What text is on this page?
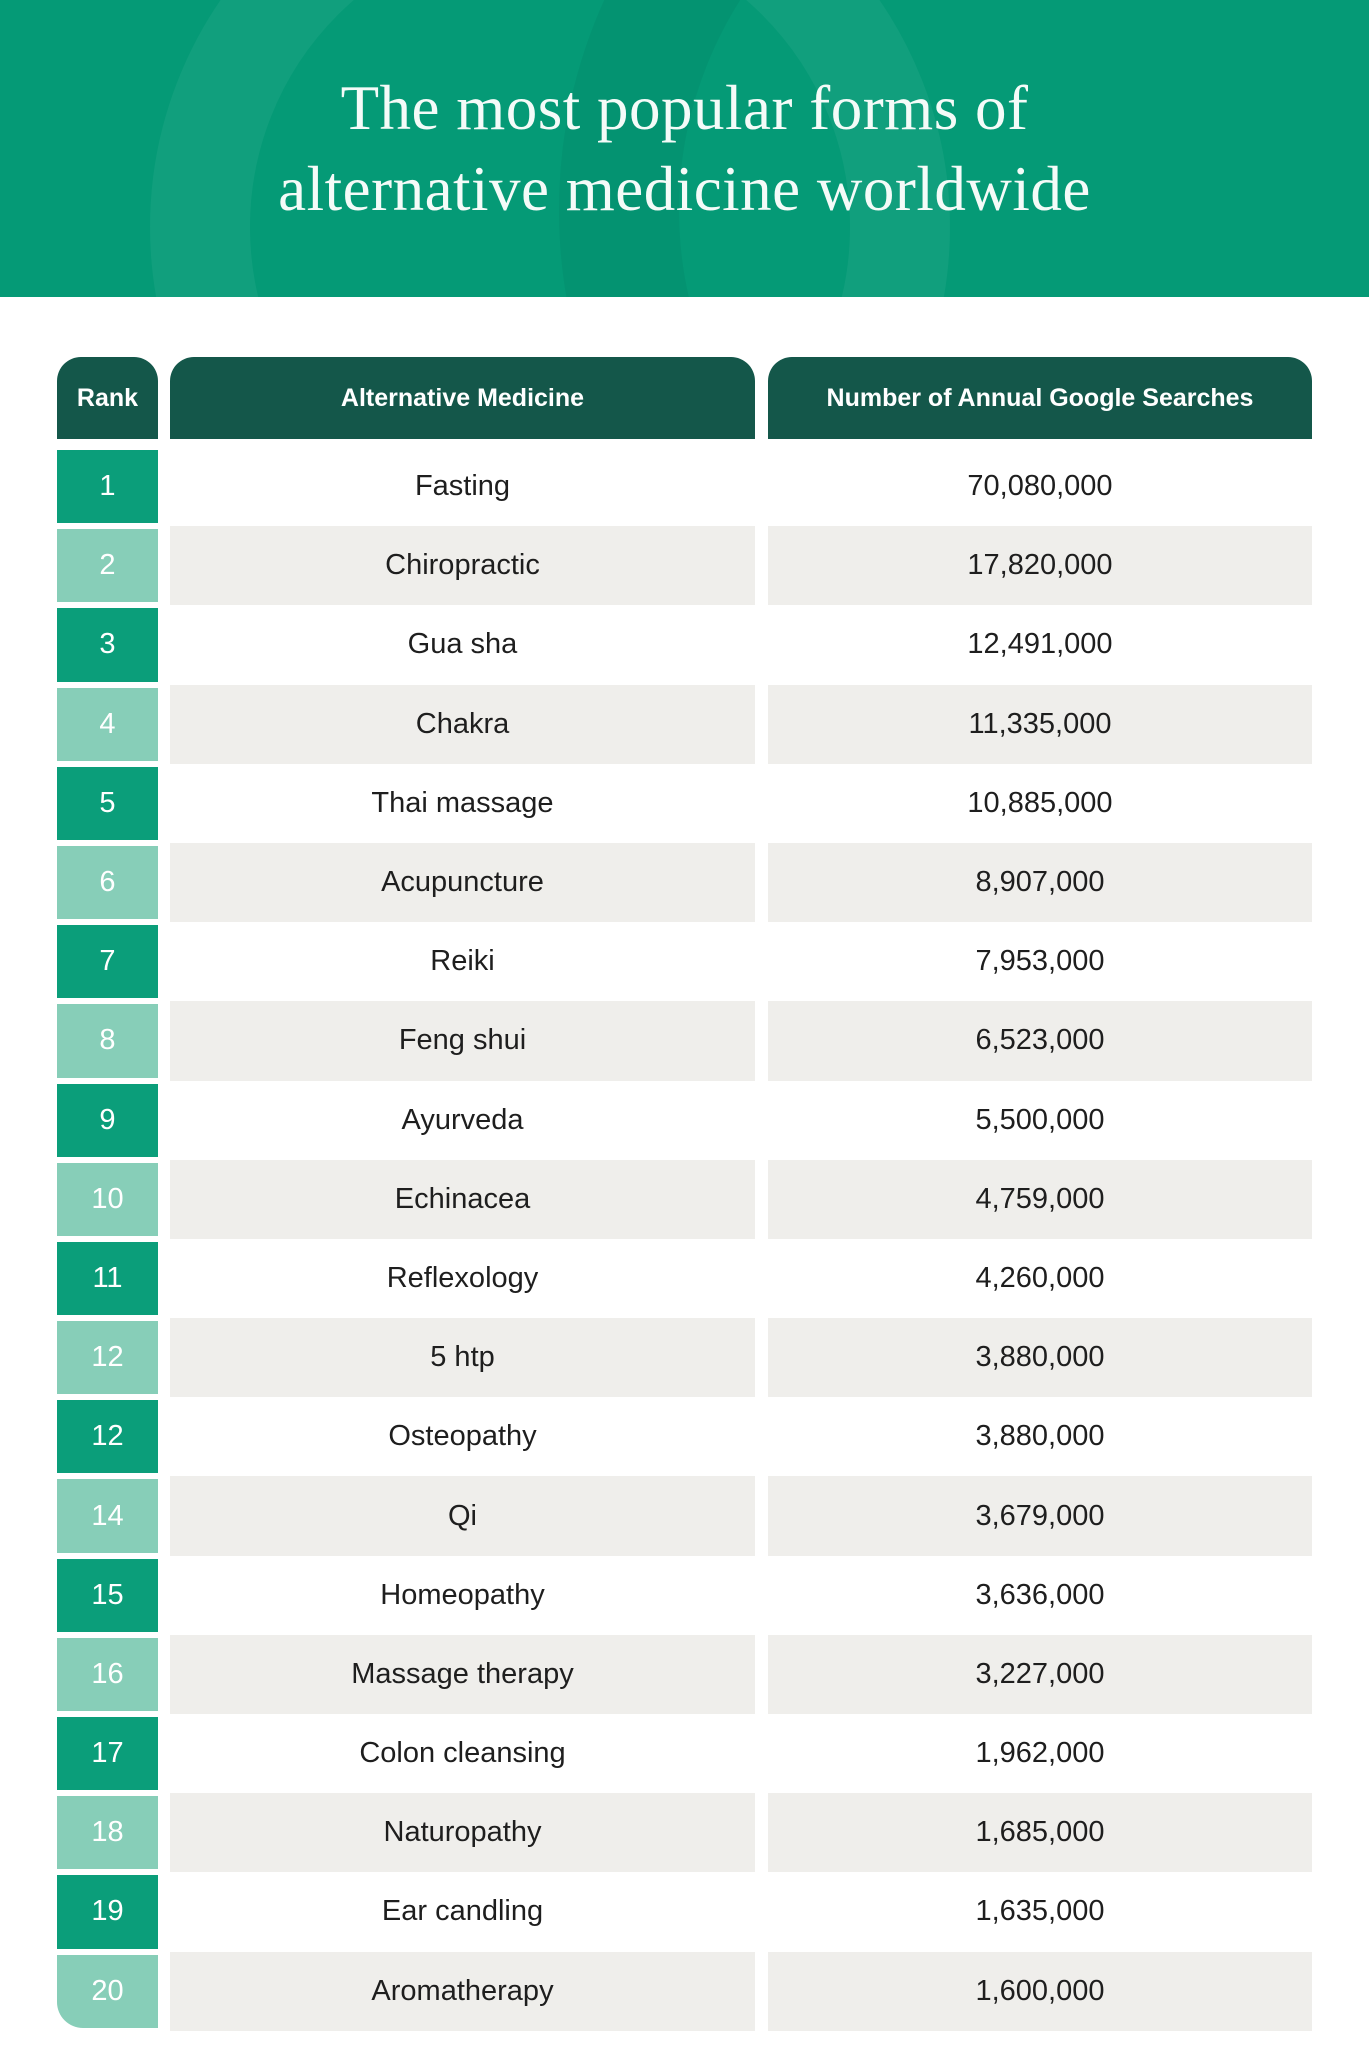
The most popular forms of
alternative medicine worldwide
Rank	Alternative Medicine	Number of Annual Google Searches
1	Fasting	70,080,000
2	Chiropractic	17,820,000
3	Gua sha	12,491,000
4	Chakra	11,335,000
5	Thai massage	10,885,000
6	Acupuncture	8,907,000
7	Reiki	7,953,000
8	Feng shui	6,523,000
9	Ayurveda	5,500,000
10	Echinacea	4,759,000
11	Reflexology	4,260,000
12	5 htp	3,880,000
12	Osteopathy	3,880,000
14	Qi	3,679,000
15	Homeopathy	3,636,000
16	Massage therapy	3,227,000
17	Colon cleansing	1,962,000
18	Naturopathy	1,685,000
19	Ear candling	1,635,000
20	Aromatherapy	1,600,000
